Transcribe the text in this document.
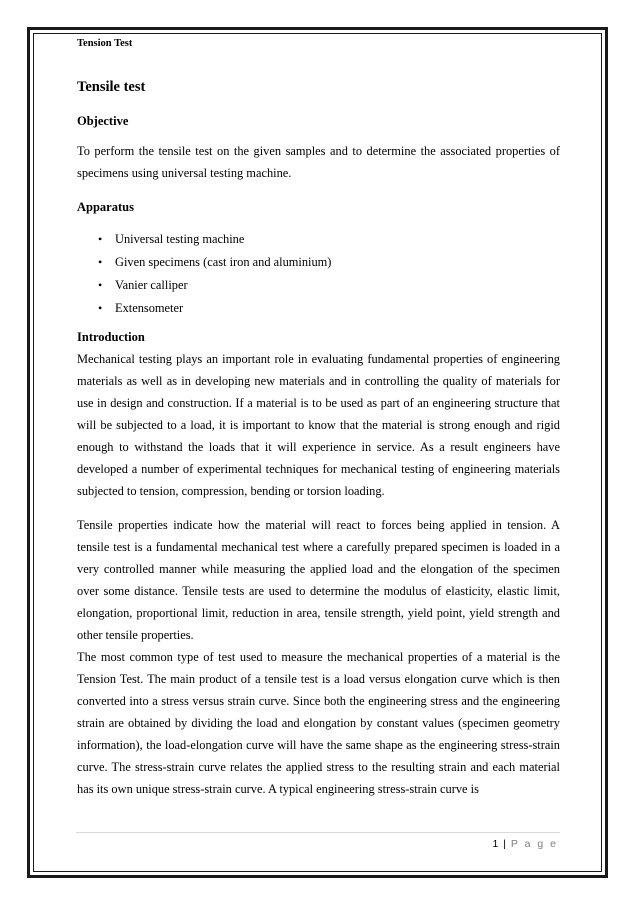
Tension Test
Tensile test
Objective

To perform the tensile test on the given samples and to determine the associated properties of specimens using universal testing machine.

Apparatus
• Universal testing machine
• Given specimens (cast iron and aluminium)
• Vanier calliper
• Extensometer
Introduction

Mechanical testing plays an important role in evaluating fundamental properties of engineering materials as well as in developing new materials and in controlling the quality of materials for use in design and construction. If a material is to be used as part of an engineering structure that will be subjected to a load, it is important to know that the material is strong enough and rigid enough to withstand the loads that it will experience in service. As a result engineers have developed a number of experimental techniques for mechanical testing of engineering materials subjected to tension, compression, bending or torsion loading.

Tensile properties indicate how the material will react to forces being applied in tension. A tensile test is a fundamental mechanical test where a carefully prepared specimen is loaded in a very controlled manner while measuring the applied load and the elongation of the specimen over some distance. Tensile tests are used to determine the modulus of elasticity, elastic limit, elongation, proportional limit, reduction in area, tensile strength, yield point, yield strength and other tensile properties.

The most common type of test used to measure the mechanical properties of a material is the Tension Test. The main product of a tensile test is a load versus elongation curve which is then converted into a stress versus strain curve. Since both the engineering stress and the engineering strain are obtained by dividing the load and elongation by constant values (specimen geometry information), the load-elongation curve will have the same shape as the engineering stress-strain curve. The stress-strain curve relates the applied stress to the resulting strain and each material has its own unique stress-strain curve. A typical engineering stress-strain curve is

1 | P a g e
